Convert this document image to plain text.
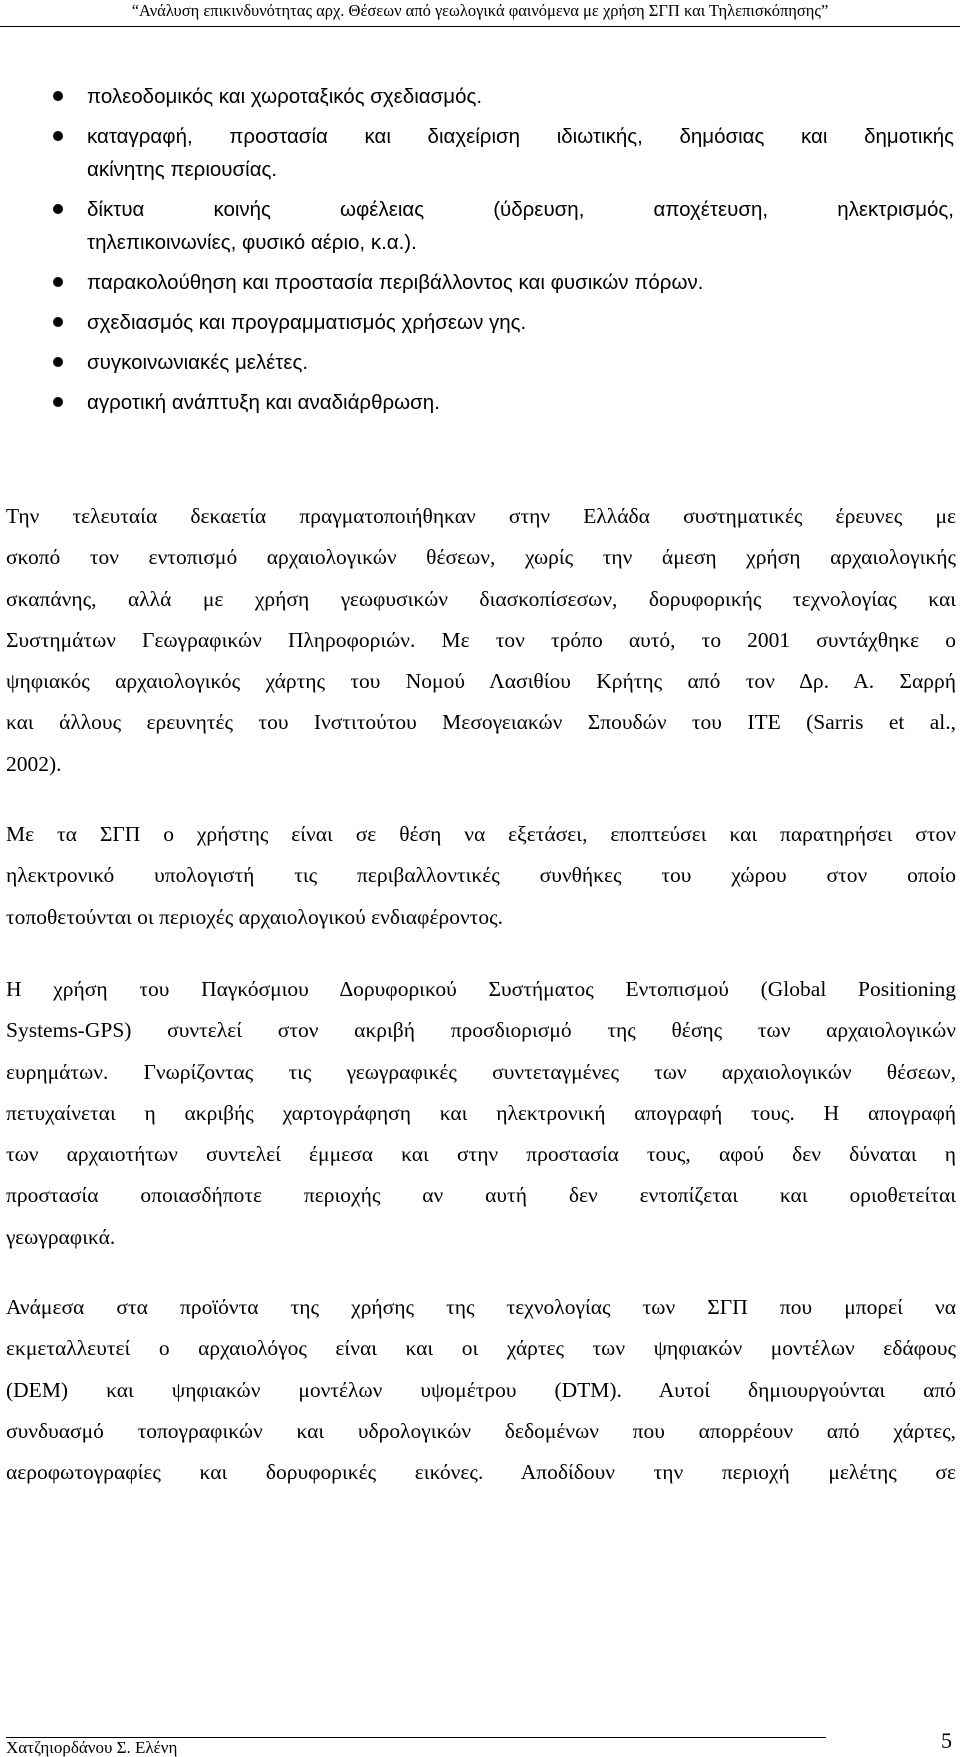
“Ανάλυση επικινδυνότητας αρχ. Θέσεων από γεωλογικά φαινόμενα με χρήση ΣΓΠ και Τηλεπισκόπησης”
πολεοδομικός και χωροταξικός σχεδιασμός.
καταγραφή, προστασία και διαχείριση ιδιωτικής, δημόσιας και δημοτικής
ακίνητης περιουσίας.
δίκτυα κοινής ωφέλειας (ύδρευση, αποχέτευση, ηλεκτρισμός,
τηλεπικοινωνίες, φυσικό αέριο, κ.α.).
παρακολούθηση και προστασία περιβάλλοντος και φυσικών πόρων.
σχεδιασμός και προγραμματισμός χρήσεων γης.
συγκοινωνιακές μελέτες.
αγροτική ανάπτυξη και αναδιάρθρωση.

Την τελευταία δεκαετία πραγματοποιήθηκαν στην Ελλάδα συστηματικές έρευνες με
σκοπό τον εντοπισμό αρχαιολογικών θέσεων, χωρίς την άμεση χρήση αρχαιολογικής
σκαπάνης, αλλά με χρήση γεωφυσικών διασκοπίσεσων, δορυφορικής τεχνολογίας και
Συστημάτων Γεωγραφικών Πληροφοριών. Με τον τρόπο αυτό, το 2001 συντάχθηκε ο
ψηφιακός αρχαιολογικός χάρτης του Νομού Λασιθίου Κρήτης από τον Δρ. Α. Σαρρή
και άλλους ερευνητές του Ινστιτούτου Μεσογειακών Σπουδών του ΙΤΕ (Sarris et al.,
2002).

Με τα ΣΓΠ ο χρήστης είναι σε θέση να εξετάσει, εποπτεύσει και παρατηρήσει στον
ηλεκτρονικό υπολογιστή τις περιβαλλοντικές συνθήκες του χώρου στον οποίο
τοποθετούνται οι περιοχές αρχαιολογικού ενδιαφέροντος.

Η χρήση του Παγκόσμιου Δορυφορικού Συστήματος Εντοπισμού (Global Positioning
Systems-GPS) συντελεί στον ακριβή προσδιορισμό της θέσης των αρχαιολογικών
ευρημάτων. Γνωρίζοντας τις γεωγραφικές συντεταγμένες των αρχαιολογικών θέσεων,
πετυχαίνεται η ακριβής χαρτογράφηση και ηλεκτρονική απογραφή τους. Η απογραφή
των αρχαιοτήτων συντελεί έμμεσα και στην προστασία τους, αφού δεν δύναται η
προστασία οποιασδήποτε περιοχής αν αυτή δεν εντοπίζεται και οριοθετείται
γεωγραφικά.

Ανάμεσα στα προϊόντα της χρήσης της τεχνολογίας των ΣΓΠ που μπορεί να
εκμεταλλευτεί ο αρχαιολόγος είναι και οι χάρτες των ψηφιακών μοντέλων εδάφους
(DEM) και ψηφιακών μοντέλων υψομέτρου (DTM). Αυτοί δημιουργούνται από
συνδυασμό τοπογραφικών και υδρολογικών δεδομένων που απορρέουν από χάρτες,
αεροφωτογραφίες και δορυφορικές εικόνες. Αποδίδουν την περιοχή μελέτης σε

Χατζηιορδάνου Σ. Ελένη	5
